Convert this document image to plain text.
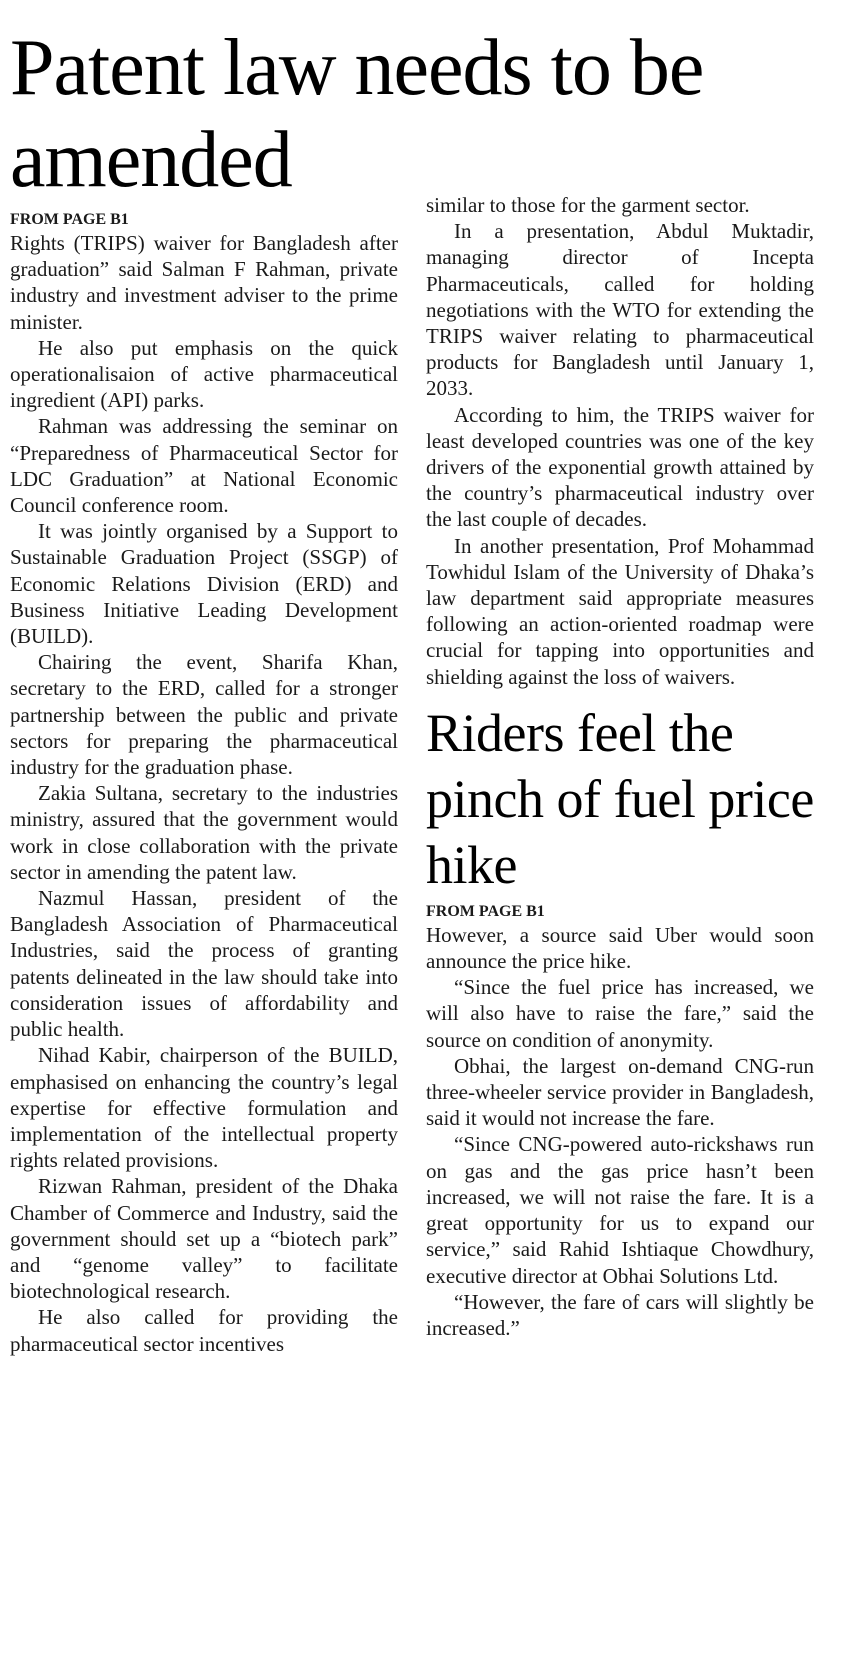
Patent law needs to be amended

FROM PAGE B1

Rights (TRIPS) waiver for Bangladesh after graduation” said Salman F Rahman, private industry and investment adviser to the prime minister.

He also put emphasis on the quick operationalisaion of active pharmaceutical ingredient (API) parks.

Rahman was addressing the seminar on “Preparedness of Pharmaceutical Sector for LDC Graduation” at National Economic Council conference room.

It was jointly organised by a Support to Sustainable Graduation Project (SSGP) of Economic Relations Division (ERD) and Business Initiative Leading Development (BUILD).

Chairing the event, Sharifa Khan, secretary to the ERD, called for a stronger partnership between the public and private sectors for preparing the pharmaceutical industry for the graduation phase.

Zakia Sultana, secretary to the industries ministry, assured that the government would work in close collaboration with the private sector in amending the patent law.

Nazmul Hassan, president of the Bangladesh Association of Pharmaceutical Industries, said the process of granting patents delineated in the law should take into consideration issues of affordability and public health.

Nihad Kabir, chairperson of the BUILD, emphasised on enhancing the country’s legal expertise for effective formulation and implementation of the intellectual property rights related provisions.

Rizwan Rahman, president of the Dhaka Chamber of Commerce and Industry, said the government should set up a “biotech park” and “genome valley” to facilitate biotechnological research.

He also called for providing the pharmaceutical sector incentives

similar to those for the garment sector.

In a presentation, Abdul Muktadir, managing director of Incepta Pharmaceuticals, called for holding negotiations with the WTO for extending the TRIPS waiver relating to pharmaceutical products for Bangladesh until January 1, 2033.

According to him, the TRIPS waiver for least developed countries was one of the key drivers of the exponential growth attained by the country’s pharmaceutical industry over the last couple of decades.

In another presentation, Prof Mohammad Towhidul Islam of the University of Dhaka’s law department said appropriate measures following an action-oriented roadmap were crucial for tapping into opportunities and shielding against the loss of waivers.

Riders feel the pinch of fuel price hike

FROM PAGE B1

However, a source said Uber would soon announce the price hike.

“Since the fuel price has increased, we will also have to raise the fare,” said the source on condition of anonymity.

Obhai, the largest on-demand CNG-run three-wheeler service provider in Bangladesh, said it would not increase the fare.

“Since CNG-powered auto-rickshaws run on gas and the gas price hasn’t been increased, we will not raise the fare. It is a great opportunity for us to expand our service,” said Rahid Ishtiaque Chowdhury, executive director at Obhai Solutions Ltd.

“However, the fare of cars will slightly be increased.”
